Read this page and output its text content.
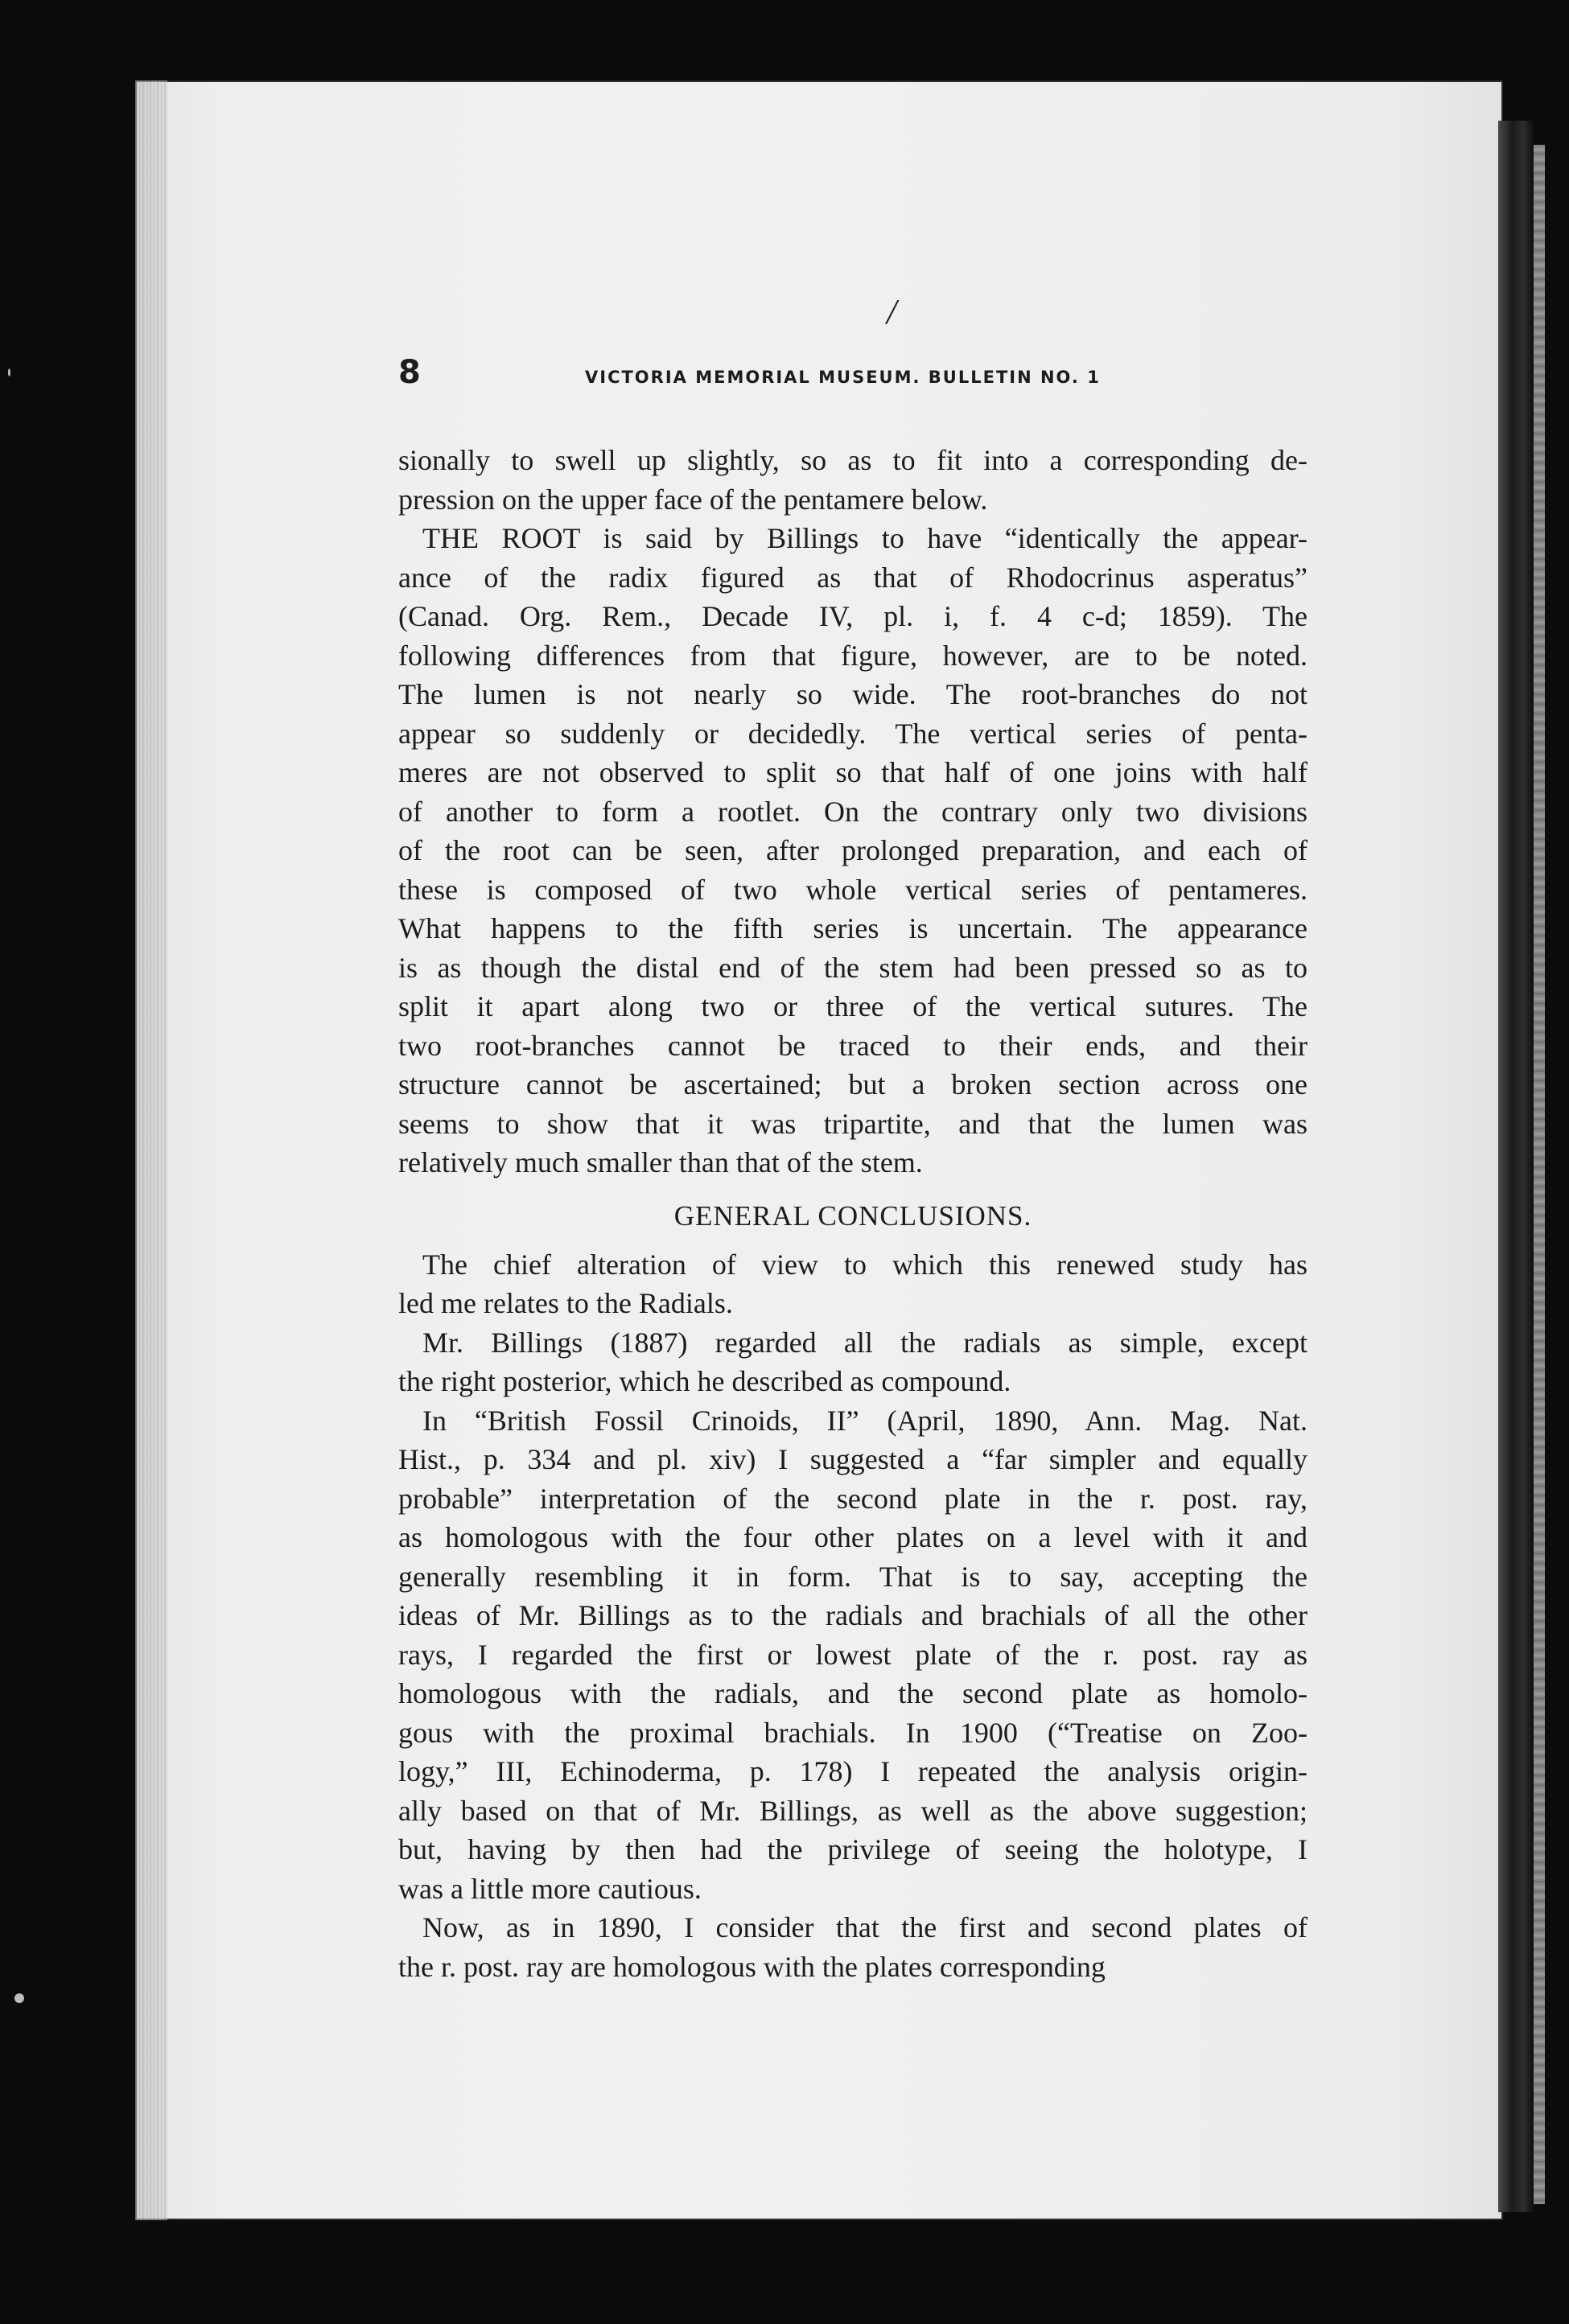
/
8	VICTORIA MEMORIAL MUSEUM. BULLETIN NO. 1

sionally to swell up slightly, so as to fit into a corresponding de-
pression on the upper face of the pentamere below.

THE ROOT is said by Billings to have “identically the appear-
ance of the radix figured as that of Rhodocrinus asperatus”
(Canad. Org. Rem., Decade IV, pl. i, f. 4 c-d; 1859). The
following differences from that figure, however, are to be noted.
The lumen is not nearly so wide. The root-branches do not
appear so suddenly or decidedly. The vertical series of penta-
meres are not observed to split so that half of one joins with half
of another to form a rootlet. On the contrary only two divisions
of the root can be seen, after prolonged preparation, and each of
these is composed of two whole vertical series of pentameres.
What happens to the fifth series is uncertain. The appearance
is as though the distal end of the stem had been pressed so as to
split it apart along two or three of the vertical sutures. The
two root-branches cannot be traced to their ends, and their
structure cannot be ascertained; but a broken section across one
seems to show that it was tripartite, and that the lumen was
relatively much smaller than that of the stem.

GENERAL CONCLUSIONS.

The chief alteration of view to which this renewed study has
led me relates to the Radials.

Mr. Billings (1887) regarded all the radials as simple, except
the right posterior, which he described as compound.

In “British Fossil Crinoids, II” (April, 1890, Ann. Mag. Nat.
Hist., p. 334 and pl. xiv) I suggested a “far simpler and equally
probable” interpretation of the second plate in the r. post. ray,
as homologous with the four other plates on a level with it and
generally resembling it in form. That is to say, accepting the
ideas of Mr. Billings as to the radials and brachials of all the other
rays, I regarded the first or lowest plate of the r. post. ray as
homologous with the radials, and the second plate as homolo-
gous with the proximal brachials. In 1900 (“Treatise on Zoo-
logy,” III, Echinoderma, p. 178) I repeated the analysis origin-
ally based on that of Mr. Billings, as well as the above suggestion;
but, having by then had the privilege of seeing the holotype, I
was a little more cautious.

Now, as in 1890, I consider that the first and second plates of
the r. post. ray are homologous with the plates corresponding
